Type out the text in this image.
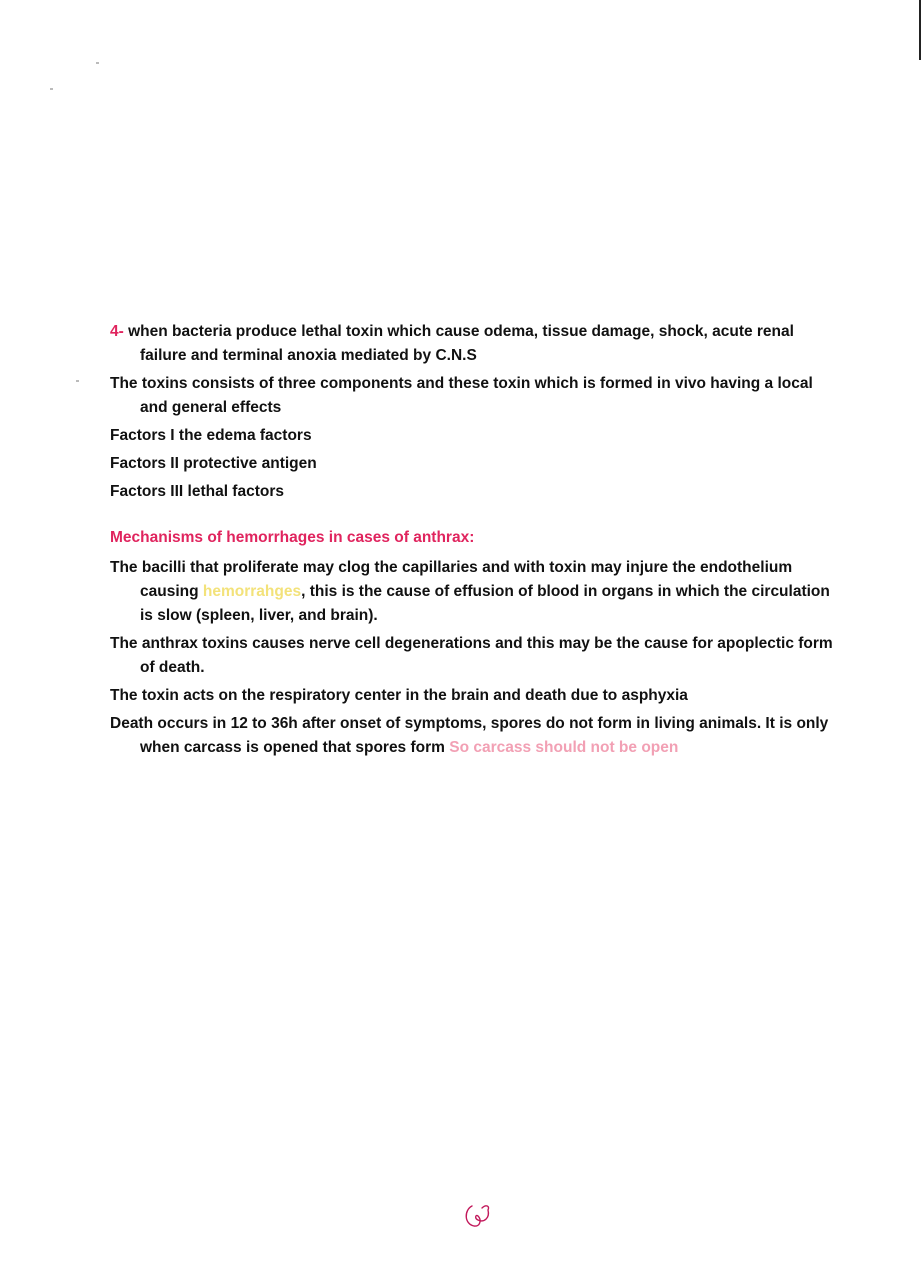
4- when bacteria produce lethal toxin which cause odema, tissue damage, shock, acute renal failure and terminal anoxia mediated by C.N.S

The toxins consists of three components and these toxin which is formed in vivo having a local and general effects

Factors I the edema factors

Factors II protective antigen

Factors III lethal factors

Mechanisms of hemorrhages in cases of anthrax:

The bacilli that proliferate may clog the capillaries and with toxin may injure the endothelium causing hemorrahges, this is the cause of effusion of blood in organs in which the circulation is slow (spleen, liver, and brain).

The anthrax toxins causes nerve cell degenerations and this may be the cause for apoplectic form of death.

The toxin acts on the respiratory center in the brain and death due to asphyxia

Death occurs in 12 to 36h after onset of symptoms, spores do not form in living animals. It is only when carcass is opened that spores form So carcass should not be open
